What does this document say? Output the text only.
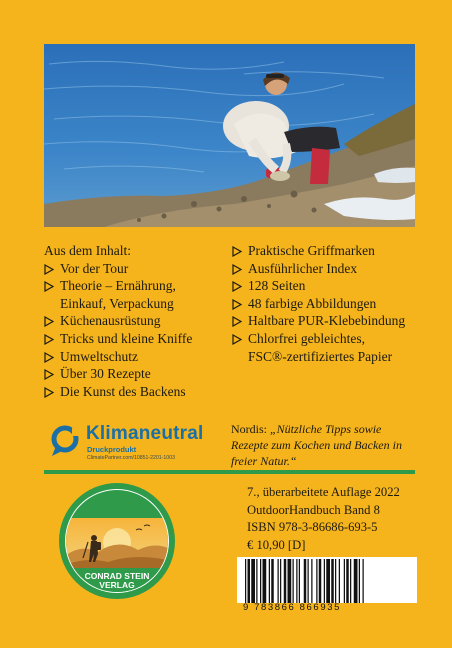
Aus dem Inhalt:
Vor der Tour
Theorie – Ernährung,
Einkauf, Verpackung
Küchenausrüstung
Tricks und kleine Kniffe
Umweltschutz
Über 30 Rezepte
Die Kunst des Backens
Praktische Griffmarken
Ausführlicher Index
128 Seiten
48 farbige Abbildungen
Haltbare PUR-Klebebindung
Chlorfrei gebleichtes,
FSC®-zertifiziertes Papier
Klimaneutral
Druckprodukt
ClimatePartner.com/10851-2201-1003
Nordis: „Nützliche Tipps sowie Rezepte zum Kochen und Backen in freier Natur.“
OUTDOOR
CONRAD STEIN
VERLAG
7., überarbeitete Auflage 2022
OutdoorHandbuch Band 8
ISBN 978-3-86686-693-5
€ 10,90 [D]
9 783866 866935
